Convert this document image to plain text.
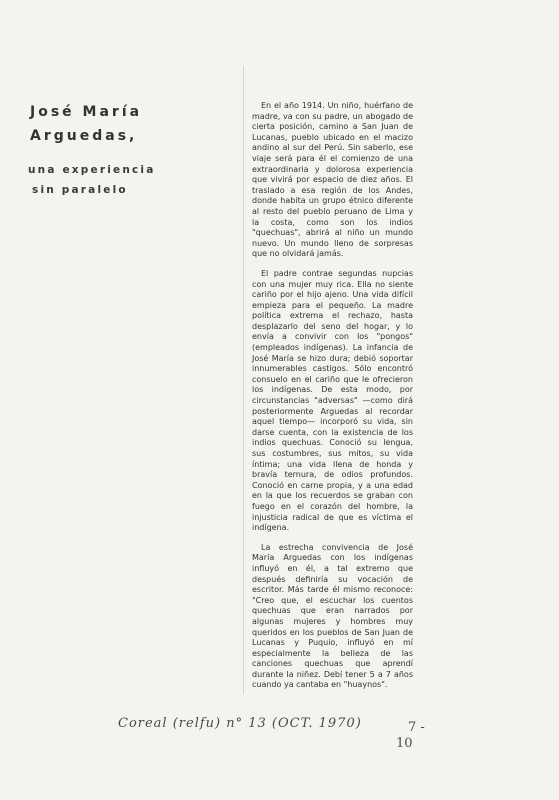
José María
Arguedas,
una experiencia
sin paralelo

En el año 1914. Un niño, huérfano de madre, va con su padre, un abogado de cierta posición, camino a San Juan de Lucanas, pueblo ubicado en el macizo andino al sur del Perú. Sin saberlo, ese viaje será para él el comienzo de una extraordinaria y dolorosa experiencia que vivirá por espacio de diez años. El traslado a esa región de los Andes, donde habita un grupo étnico diferente al resto del pueblo peruano de Lima y la costa, como son los indios "quechuas", abrirá al niño un mundo nuevo. Un mundo lleno de sorpresas que no olvidará jamás.

El padre contrae segundas nupcias con una mujer muy rica. Ella no siente cariño por el hijo ajeno. Una vida difícil empieza para el pequeño. La madre política extrema el rechazo, hasta desplazarlo del seno del hogar, y lo envía a convivir con los "pongos" (empleados indígenas). La infancia de José María se hizo dura; debió soportar innumerables castigos. Sólo encontró consuelo en el cariño que le ofrecieron los indígenas. De esta modo, por circunstancias "adversas" —como dirá posteriormente Arguedas al recordar aquel tiempo— incorporó su vida, sin darse cuenta, con la existencia de los indios quechuas. Conoció su lengua, sus costumbres, sus mitos, su vida íntima; una vida llena de honda y bravía ternura, de odios profundos. Conoció en carne propia, y a una edad en la que los recuerdos se graban con fuego en el corazón del hombre, la injusticia radical de que es víctima el indígena.

La estrecha convivencia de José María Arguedas con los indígenas influyó en él, a tal extremo que después definiría su vocación de escritor. Más tarde él mismo reconoce: "Creo que, el escuchar los cuentos quechuas que eran narrados por algunas mujeres y hombres muy queridos en los pueblos de San Juan de Lucanas y Puquio, influyó en mí especialmente la belleza de las canciones quechuas que aprendí durante la niñez. Debí tener 5 a 7 años cuando ya cantaba en "huaynos".

Coreal (relfu) n° 13 (OCT. 1970)	7 -
10
